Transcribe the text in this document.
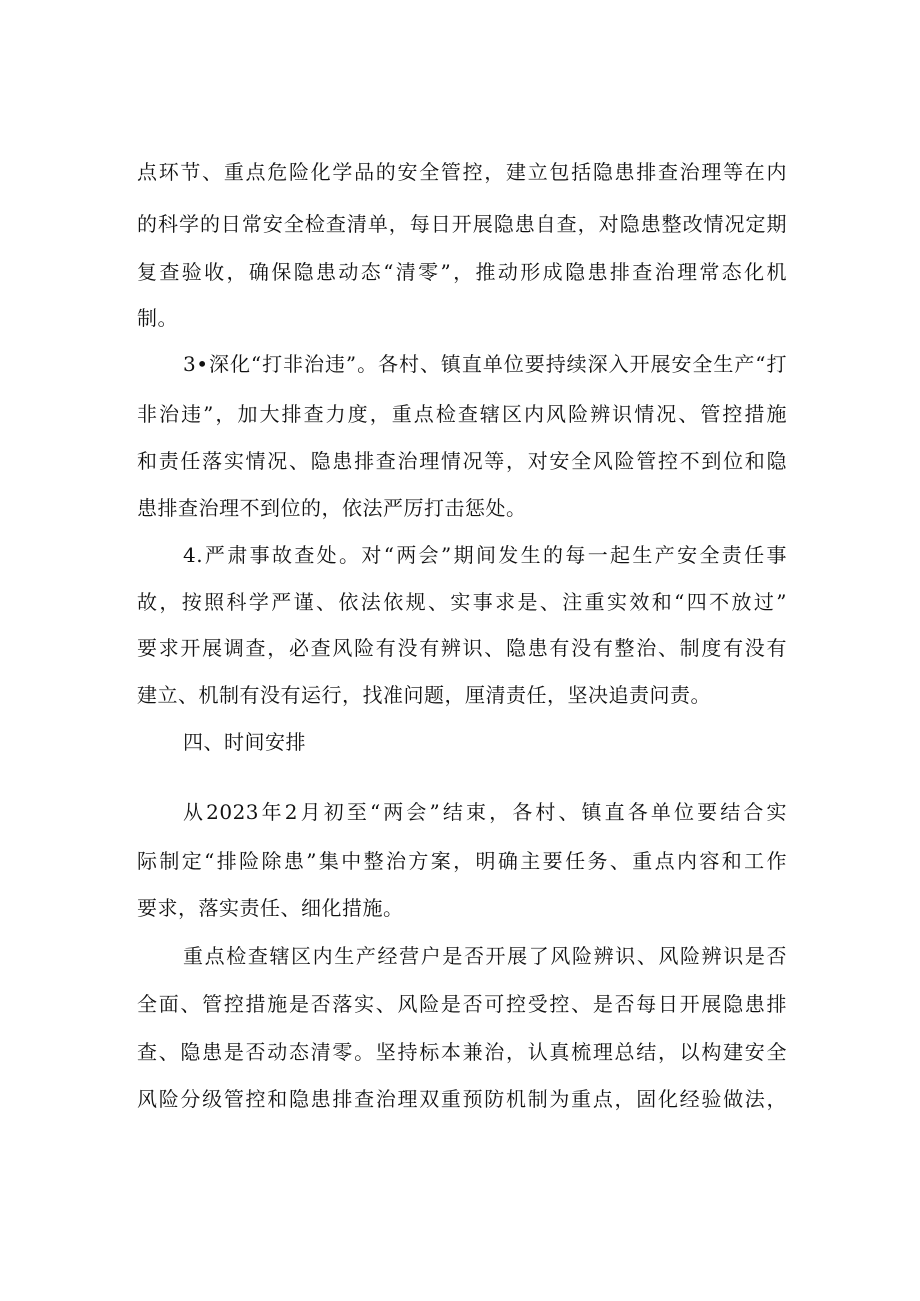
点环节、重点危险化学品的安全管控，建立包括隐患排查治理等在内
的科学的日常安全检查清单，每日开展隐患自查，对隐患整改情况定期
复查验收，确保隐患动态“清零”，推动形成隐患排查治理常态化机
制。
3•深化“打非治违”。各村、镇直单位要持续深入开展安全生产“打
非治违”，加大排查力度，重点检查辖区内风险辨识情况、管控措施
和责任落实情况、隐患排查治理情况等，对安全风险管控不到位和隐
患排查治理不到位的，依法严厉打击惩处。
4.严肃事故查处。对“两会”期间发生的每一起生产安全责任事
故，按照科学严谨、依法依规、实事求是、注重实效和“四不放过”
要求开展调查，必查风险有没有辨识、隐患有没有整治、制度有没有
建立、机制有没有运行，找准问题，厘清责任，坚决追责问责。
四、时间安排
从2023年2月初至“两会”结束，各村、镇直各单位要结合实
际制定“排险除患”集中整治方案，明确主要任务、重点内容和工作
要求，落实责任、细化措施。
重点检查辖区内生产经营户是否开展了风险辨识、风险辨识是否
全面、管控措施是否落实、风险是否可控受控、是否每日开展隐患排
查、隐患是否动态清零。坚持标本兼治，认真梳理总结，以构建安全
风险分级管控和隐患排查治理双重预防机制为重点，固化经验做法，
